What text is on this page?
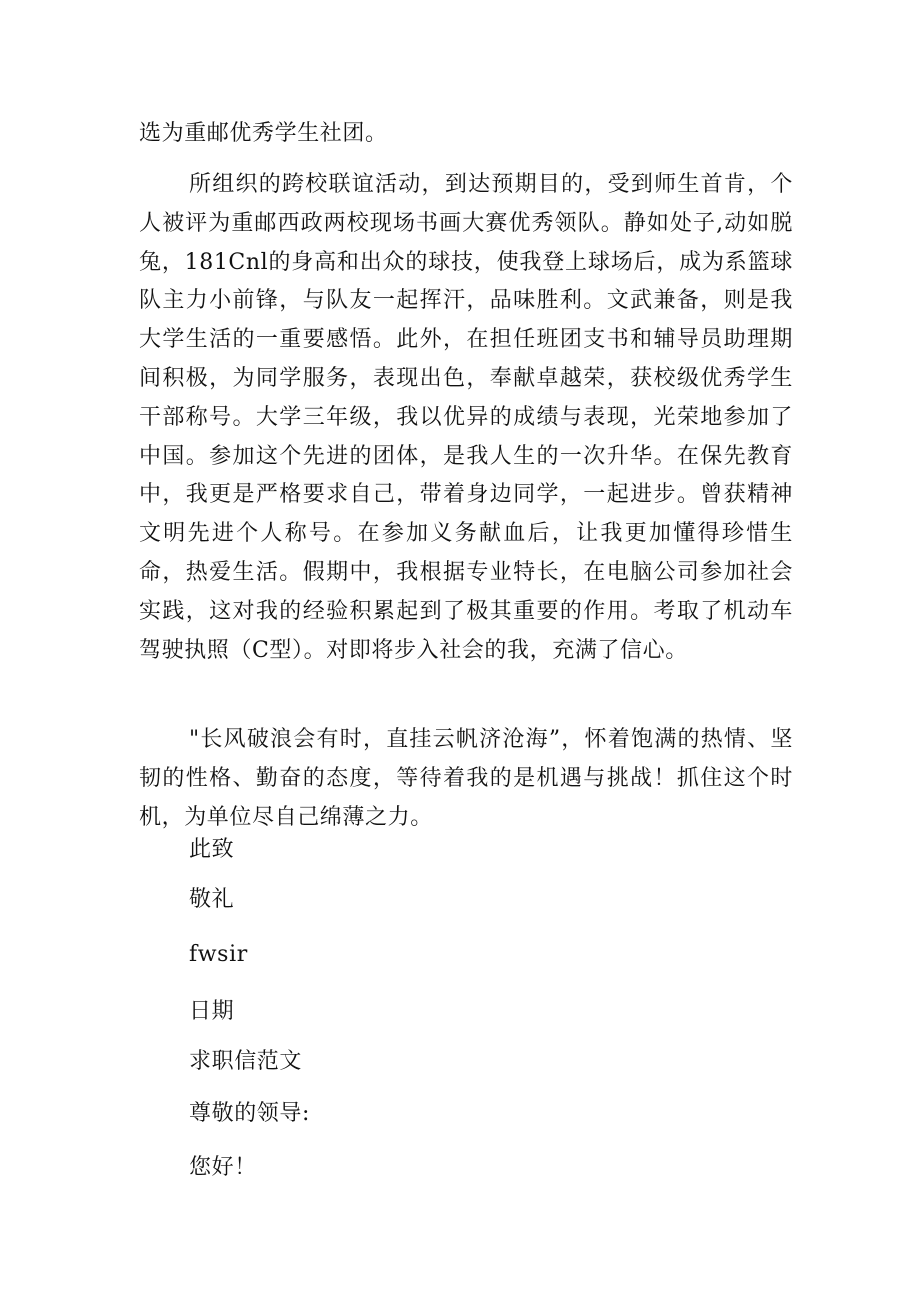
选为重邮优秀学生社团。

所组织的跨校联谊活动，到达预期目的，受到师生首肯，个人被评为重邮西政两校现场书画大赛优秀领队。静如处子,动如脱兔，181Cnl的身高和出众的球技，使我登上球场后，成为系篮球队主力小前锋，与队友一起挥汗，品味胜利。文武兼备，则是我大学生活的一重要感悟。此外，在担任班团支书和辅导员助理期间积极，为同学服务，表现出色，奉献卓越荣，获校级优秀学生干部称号。大学三年级，我以优异的成绩与表现，光荣地参加了中国。参加这个先进的团体，是我人生的一次升华。在保先教育中，我更是严格要求自己，带着身边同学，一起进步。曾获精神文明先进个人称号。在参加义务献血后，让我更加懂得珍惜生命，热爱生活。假期中，我根据专业特长，在电脑公司参加社会实践，这对我的经验积累起到了极其重要的作用。考取了机动车驾驶执照（C型）。对即将步入社会的我，充满了信心。

"长风破浪会有时，直挂云帆济沧海”，怀着饱满的热情、坚韧的性格、勤奋的态度，等待着我的是机遇与挑战！抓住这个时机，为单位尽自己绵薄之力。

此致

敬礼

fwsir

日期

求职信范文

尊敬的领导:

您好！
